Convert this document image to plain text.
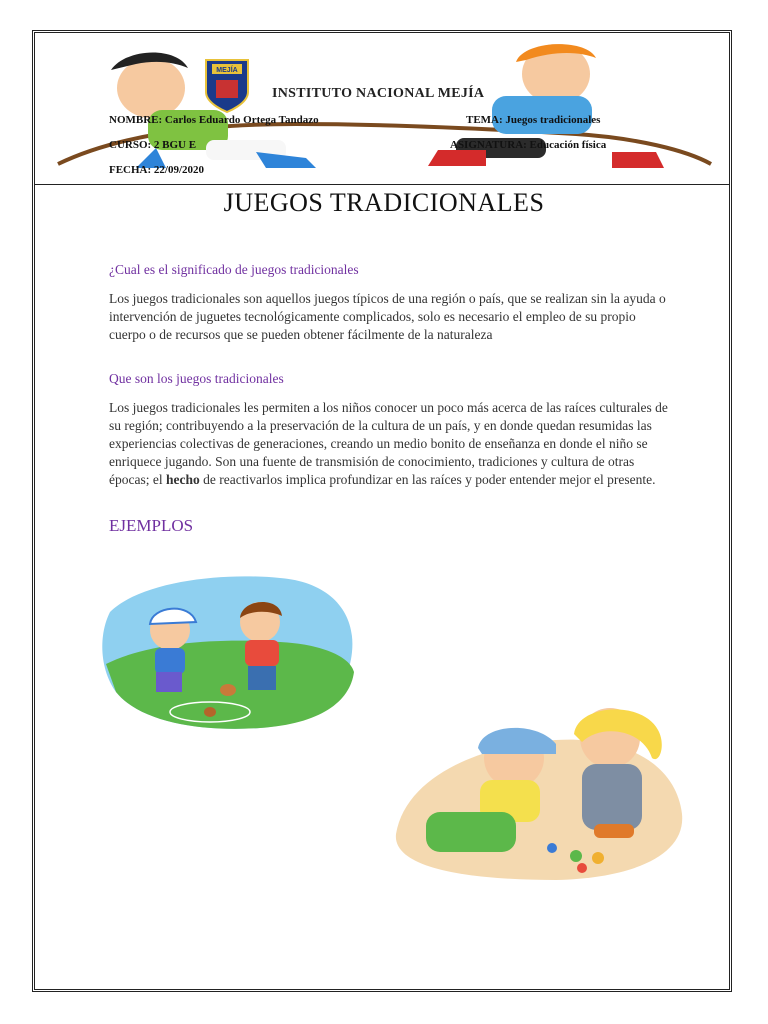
MEJÍA
INSTITUTO NACIONAL MEJÍA
NOMBRE: Carlos Eduardo Ortega Tandazo	TEMA: Juegos tradicionales
CURSO: 2 BGU E	ASIGNATURA: Educación física
FECHA: 22/09/2020
JUEGOS TRADICIONALES
¿Cual es el significado de juegos tradicionales
Los juegos tradicionales son aquellos juegos típicos de una región o país, que se realizan sin la ayuda o intervención de juguetes tecnológicamente complicados, solo es necesario el empleo de su propio cuerpo o de recursos que se pueden obtener fácilmente de la naturaleza
Que son los juegos tradicionales
Los juegos tradicionales les permiten a los niños conocer un poco más acerca de las raíces culturales de su región; contribuyendo a la preservación de la cultura de un país, y en donde quedan resumidas las experiencias colectivas de generaciones, creando un medio bonito de enseñanza en donde el niño se enriquece jugando. Son una fuente de transmisión de conocimiento, tradiciones y cultura de otras épocas; el hecho de reactivarlos implica profundizar en las raíces y poder entender mejor el presente.
EJEMPLOS
